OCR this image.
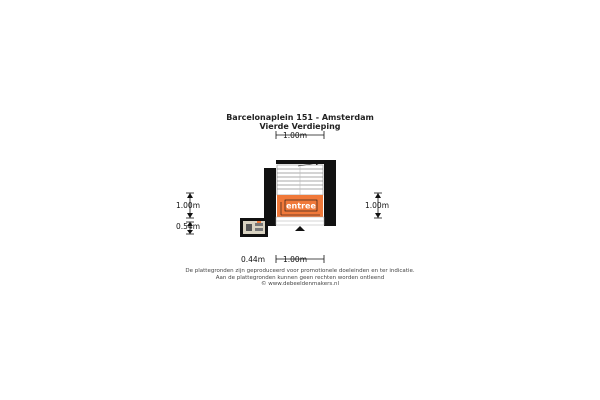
Barcelonaplein 151 - Amsterdam
Vierde Verdieping
entree
1.00m
1.00m
0.54m
1.00m
0.44m 1.00m
De plattegronden zijn geproduceerd voor promotionele doeleinden en ter indicatie.
Aan de plattegronden kunnen geen rechten worden ontleend
© www.debeeldenmakers.nl
